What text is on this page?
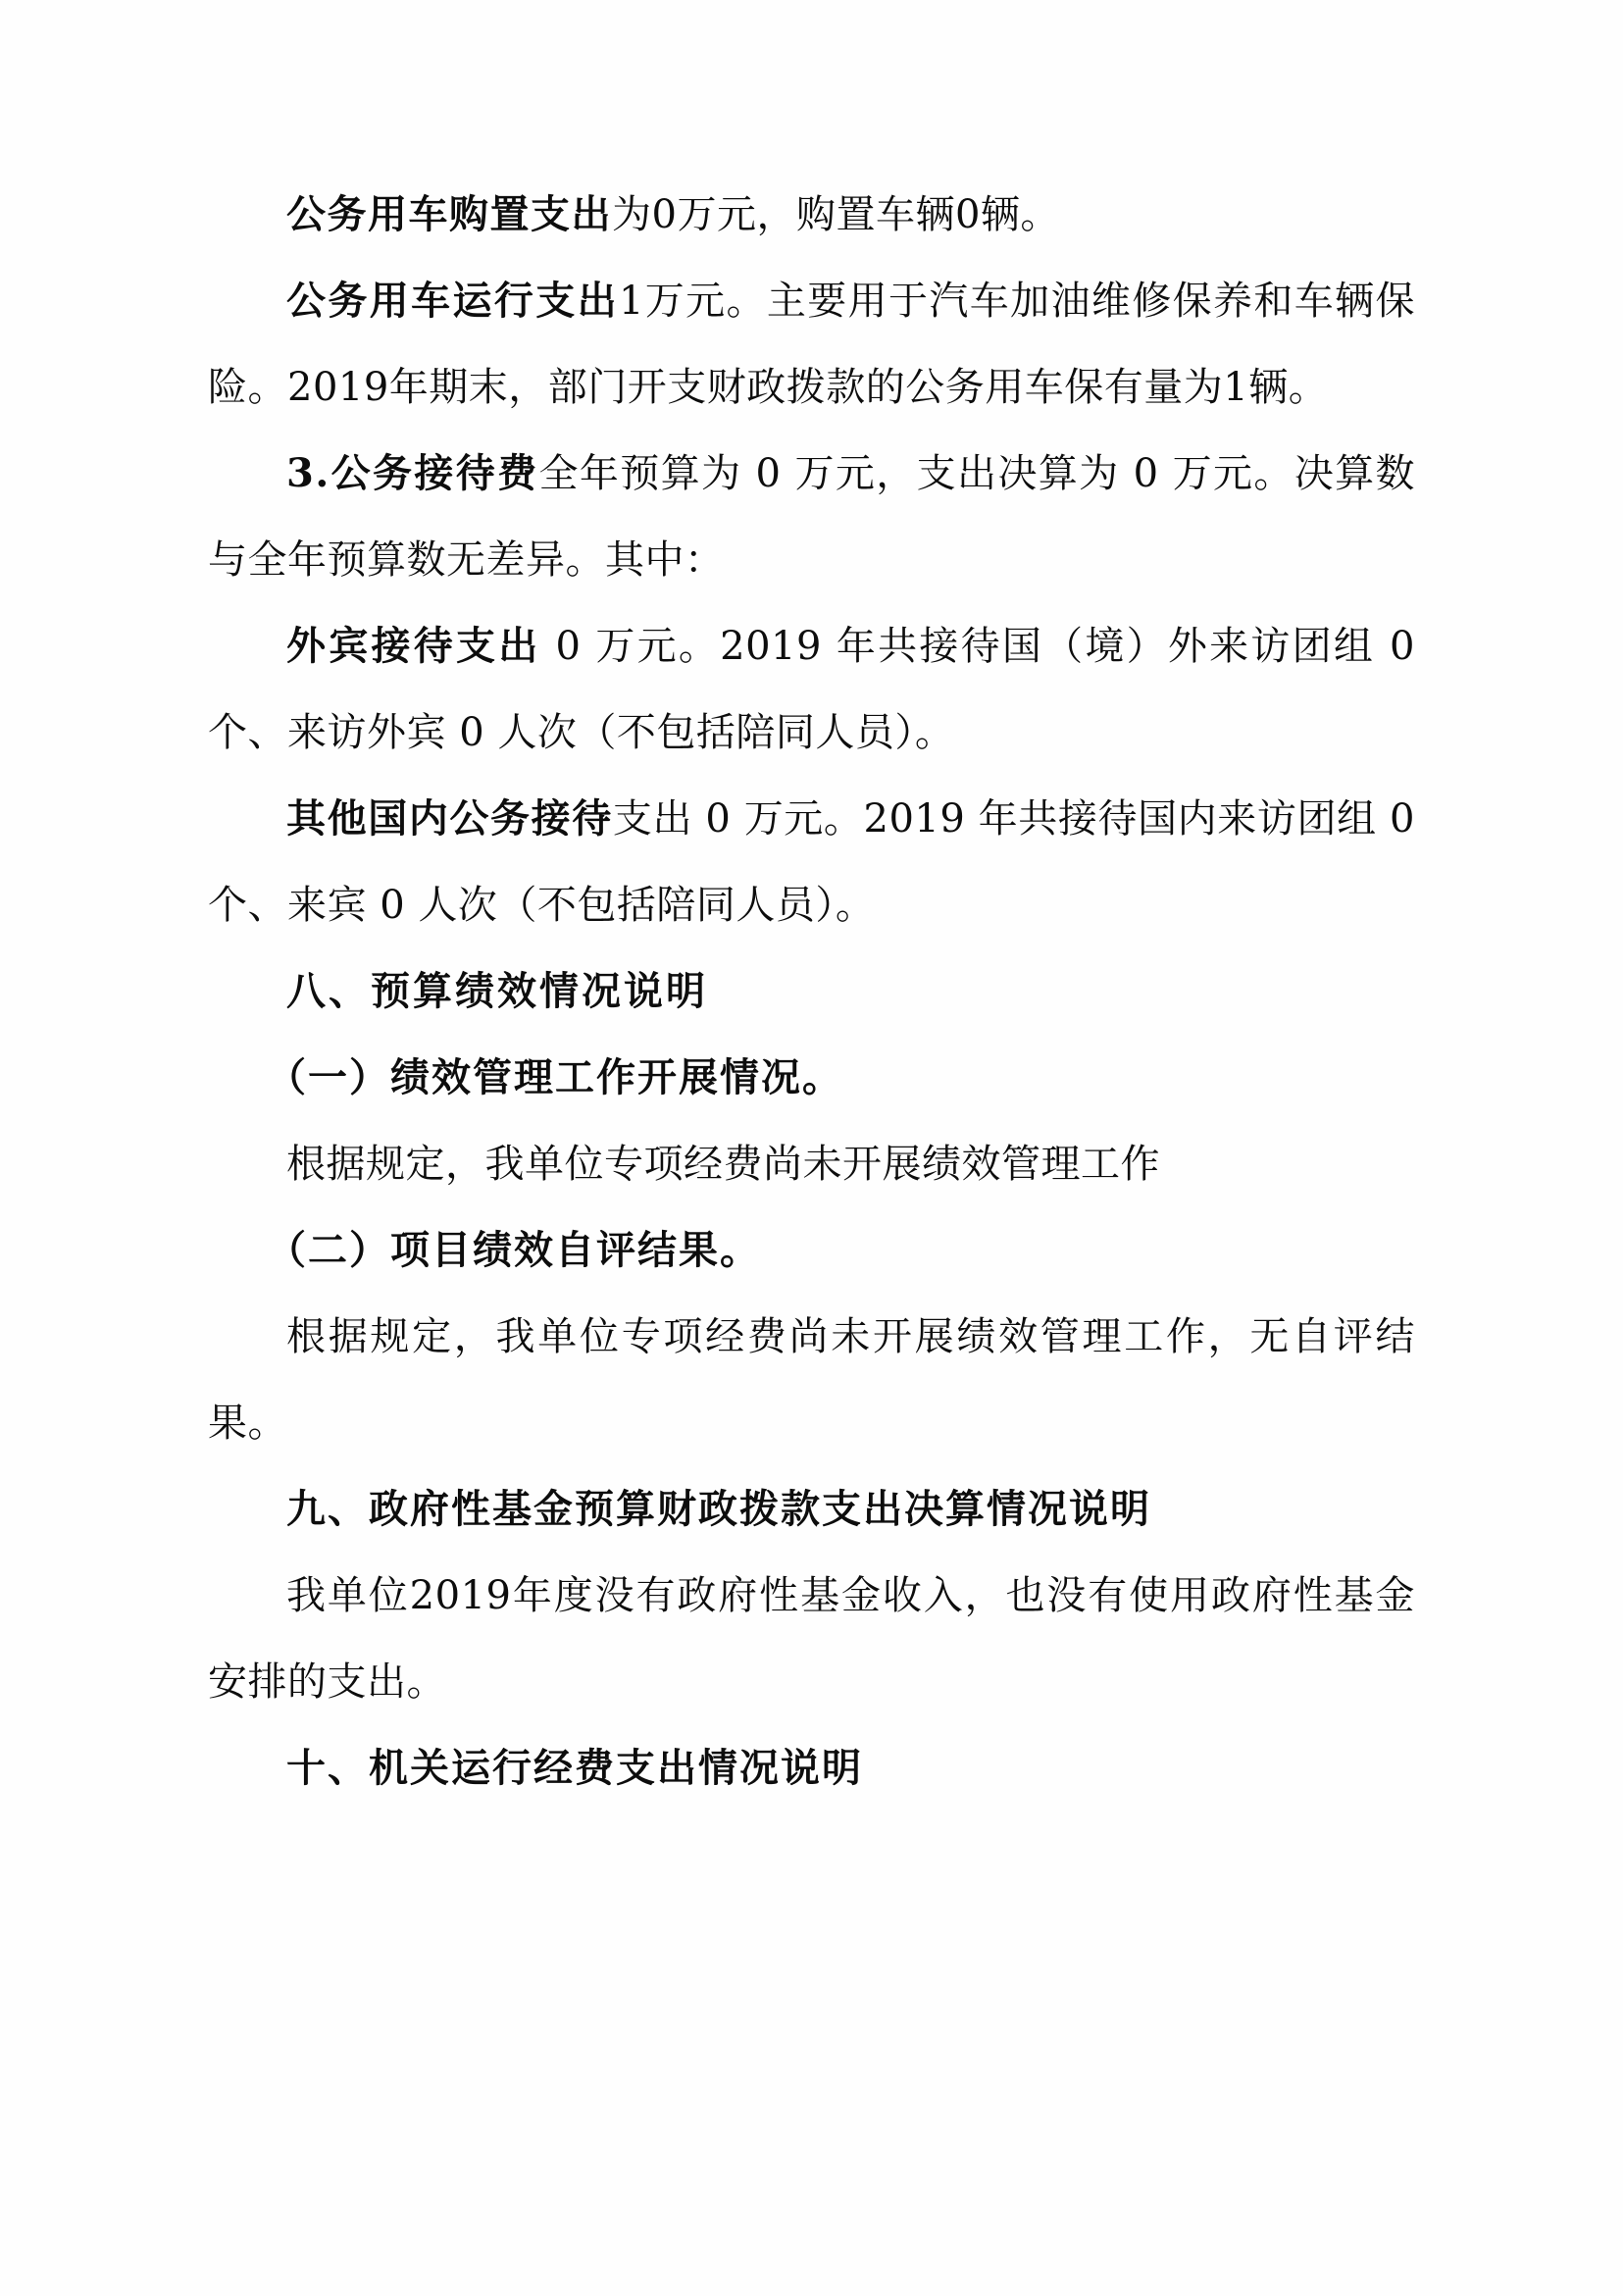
公务用车购置支出为0万元，购置车辆0辆。

公务用车运行支出1万元。主要用于汽车加油维修保养和车辆保险。2019年期末，部门开支财政拨款的公务用车保有量为1辆。

3.公务接待费全年预算为 0 万元，支出决算为 0 万元。决算数与全年预算数无差异。其中：

外宾接待支出 0 万元。2019 年共接待国（境）外来访团组 0 个、来访外宾 0 人次（不包括陪同人员）。

其他国内公务接待支出 0 万元。2019 年共接待国内来访团组 0 个、来宾 0 人次（不包括陪同人员）。

八、预算绩效情况说明

（一）绩效管理工作开展情况。

根据规定，我单位专项经费尚未开展绩效管理工作

（二）项目绩效自评结果。

根据规定，我单位专项经费尚未开展绩效管理工作，无自评结果。

九、政府性基金预算财政拨款支出决算情况说明

我单位2019年度没有政府性基金收入，也没有使用政府性基金安排的支出。

十、机关运行经费支出情况说明
